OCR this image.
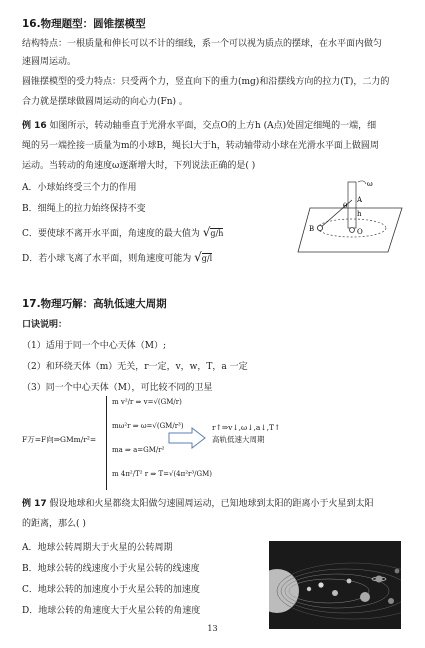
16.物理题型：圆锥摆模型
结构特点：一根质量和伸长可以不计的细线，系一个可以视为质点的摆球，在水平面内做匀
速圆周运动。
圆锥摆模型的受力特点：只受两个力，竖直向下的重力(mg)和沿摆线方向的拉力(T)，二力的
合力就是摆球做圆周运动的向心力(Fn) 。
例 16 如图所示，转动轴垂直于光滑水平面，交点O的上方h (A点)处固定细绳的一端，细
绳的另一端拴接一质量为m的小球B，绳长l大于h，转动轴带动小球在光滑水平面上做圆周
运动。当转动的角速度ω逐渐增大时，下列说法正确的是( )
A．小球始终受三个力的作用
B．细绳上的拉力始终保持不变
C．要使球不离开水平面，角速度的最大值为 √g/h
D．若小球飞离了水平面，则角速度可能为 √g/l
ω
A
θ
h
B	O
17.物理巧解：高轨低速大周期
口诀说明：
（1）适用于同一个中心天体（M）;
（2）和环绕天体（m）无关，r一定，v，w，T，a 一定
（3）同一个中心天体（M），可比较不同的卫星
F万=F向⇒GMm/r²=
m v²/r ⇒ v=√(GM/r)
mω²r ⇒ ω=√(GM/r³)
ma ⇒ a=GM/r²
m 4π²/T² r ⇒ T=√(4π²r³/GM)
r↑⇒v↓,ω↓,a↓,T↑
高轨低速大周期
例 17 假设地球和火星都绕太阳做匀速圆周运动，已知地球到太阳的距离小于火星到太阳
的距离，那么( )
A．地球公转周期大于火星的公转周期
B．地球公转的线速度小于火星公转的线速度
C．地球公转的加速度小于火星公转的加速度
D．地球公转的角速度大于火星公转的角速度
13
